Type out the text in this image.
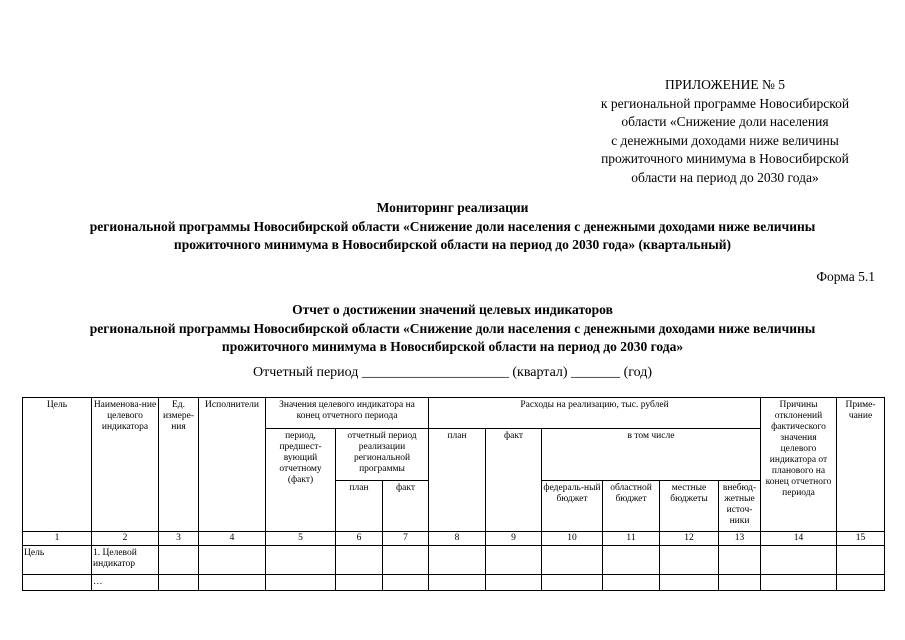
ПРИЛОЖЕНИЕ № 5
к региональной программе Новосибирской
области «Снижение доли населения
с денежными доходами ниже величины
прожиточного минимума в Новосибирской
области на период до 2030 года»
Мониторинг реализации
региональной программы Новосибирской области «Снижение доли населения с денежными доходами ниже величины
прожиточного минимума в Новосибирской области на период до 2030 года» (квартальный)
Форма 5.1
Отчет о достижении значений целевых индикаторов
региональной программы Новосибирской области «Снижение доли населения с денежными доходами ниже величины
прожиточного минимума в Новосибирской области на период до 2030 года»
Отчетный период _____________________ (квартал) _______ (год)
Цель	Наименова-ние целевого индикатора	Ед. измере-ния	Исполнители	Значения целевого индикатора на конец отчетного периода			Расходы на реализацию, тыс. рублей						Причины отклонений фактического значения целевого индикатора от планового на конец отчетного периода	Приме-чание
				период, предшест-вующий отчетному (факт)	отчетный период реализации региональной программы		план	факт	в том числе					
					план	факт			федераль-ный бюджет	областной бюджет	местные бюджеты	внебюд-жетные источ-ники		
1	2	3	4	5	6	7	8	9	10	11	12	13	14	15
Цель	1. Целевой индикатор													
	…													
